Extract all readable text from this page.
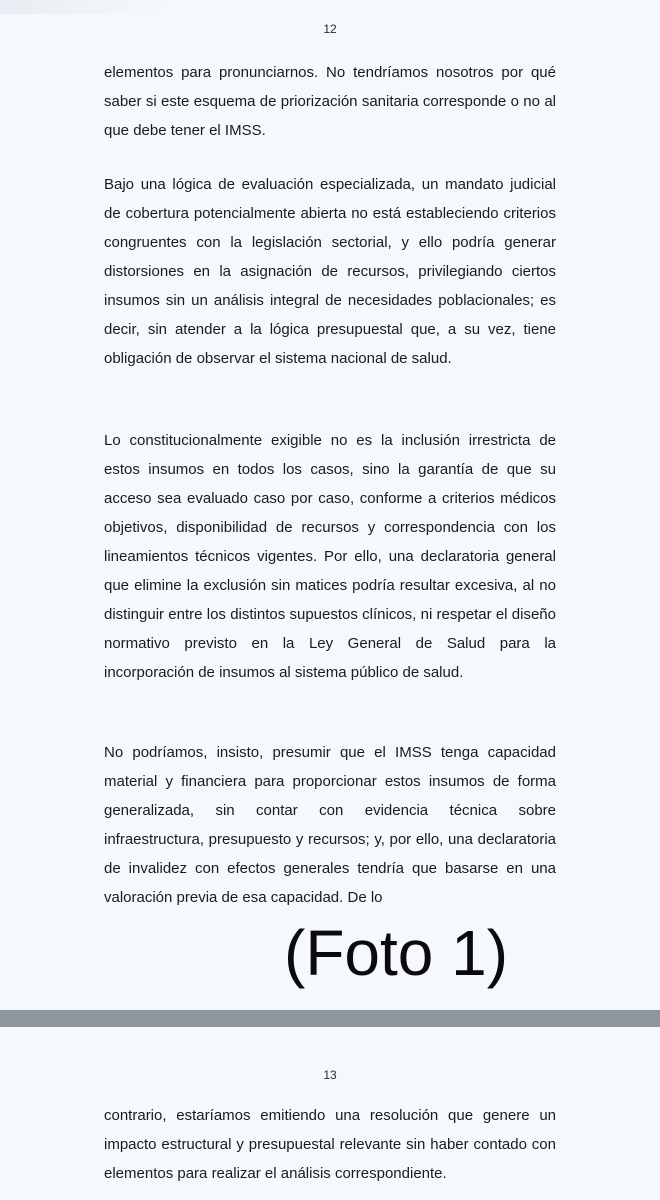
12

elementos para pronunciarnos. No tendríamos nosotros por qué saber si este esquema de priorización sanitaria corresponde o no al que debe tener el IMSS.

Bajo una lógica de evaluación especializada, un mandato judicial de cobertura potencialmente abierta no está estableciendo criterios congruentes con la legislación sectorial, y ello podría generar distorsiones en la asignación de recursos, privilegiando ciertos insumos sin un análisis integral de necesidades poblacionales; es decir, sin atender a la lógica presupuestal que, a su vez, tiene obligación de observar el sistema nacional de salud.

Lo constitucionalmente exigible no es la inclusión irrestricta de estos insumos en todos los casos, sino la garantía de que su acceso sea evaluado caso por caso, conforme a criterios médicos objetivos, disponibilidad de recursos y correspondencia con los lineamientos técnicos vigentes. Por ello, una declaratoria general que elimine la exclusión sin matices podría resultar excesiva, al no distinguir entre los distintos supuestos clínicos, ni respetar el diseño normativo previsto en la Ley General de Salud para la incorporación de insumos al sistema público de salud.

No podríamos, insisto, presumir que el IMSS tenga capacidad material y financiera para proporcionar estos insumos de forma generalizada, sin contar con evidencia técnica sobre infraestructura, presupuesto y recursos; y, por ello, una declaratoria de invalidez con efectos generales tendría que basarse en una valoración previa de esa capacidad. De lo

(Foto 1)
13

contrario, estaríamos emitiendo una resolución que genere un impacto estructural y presupuestal relevante sin haber contado con elementos para realizar el análisis correspondiente.
